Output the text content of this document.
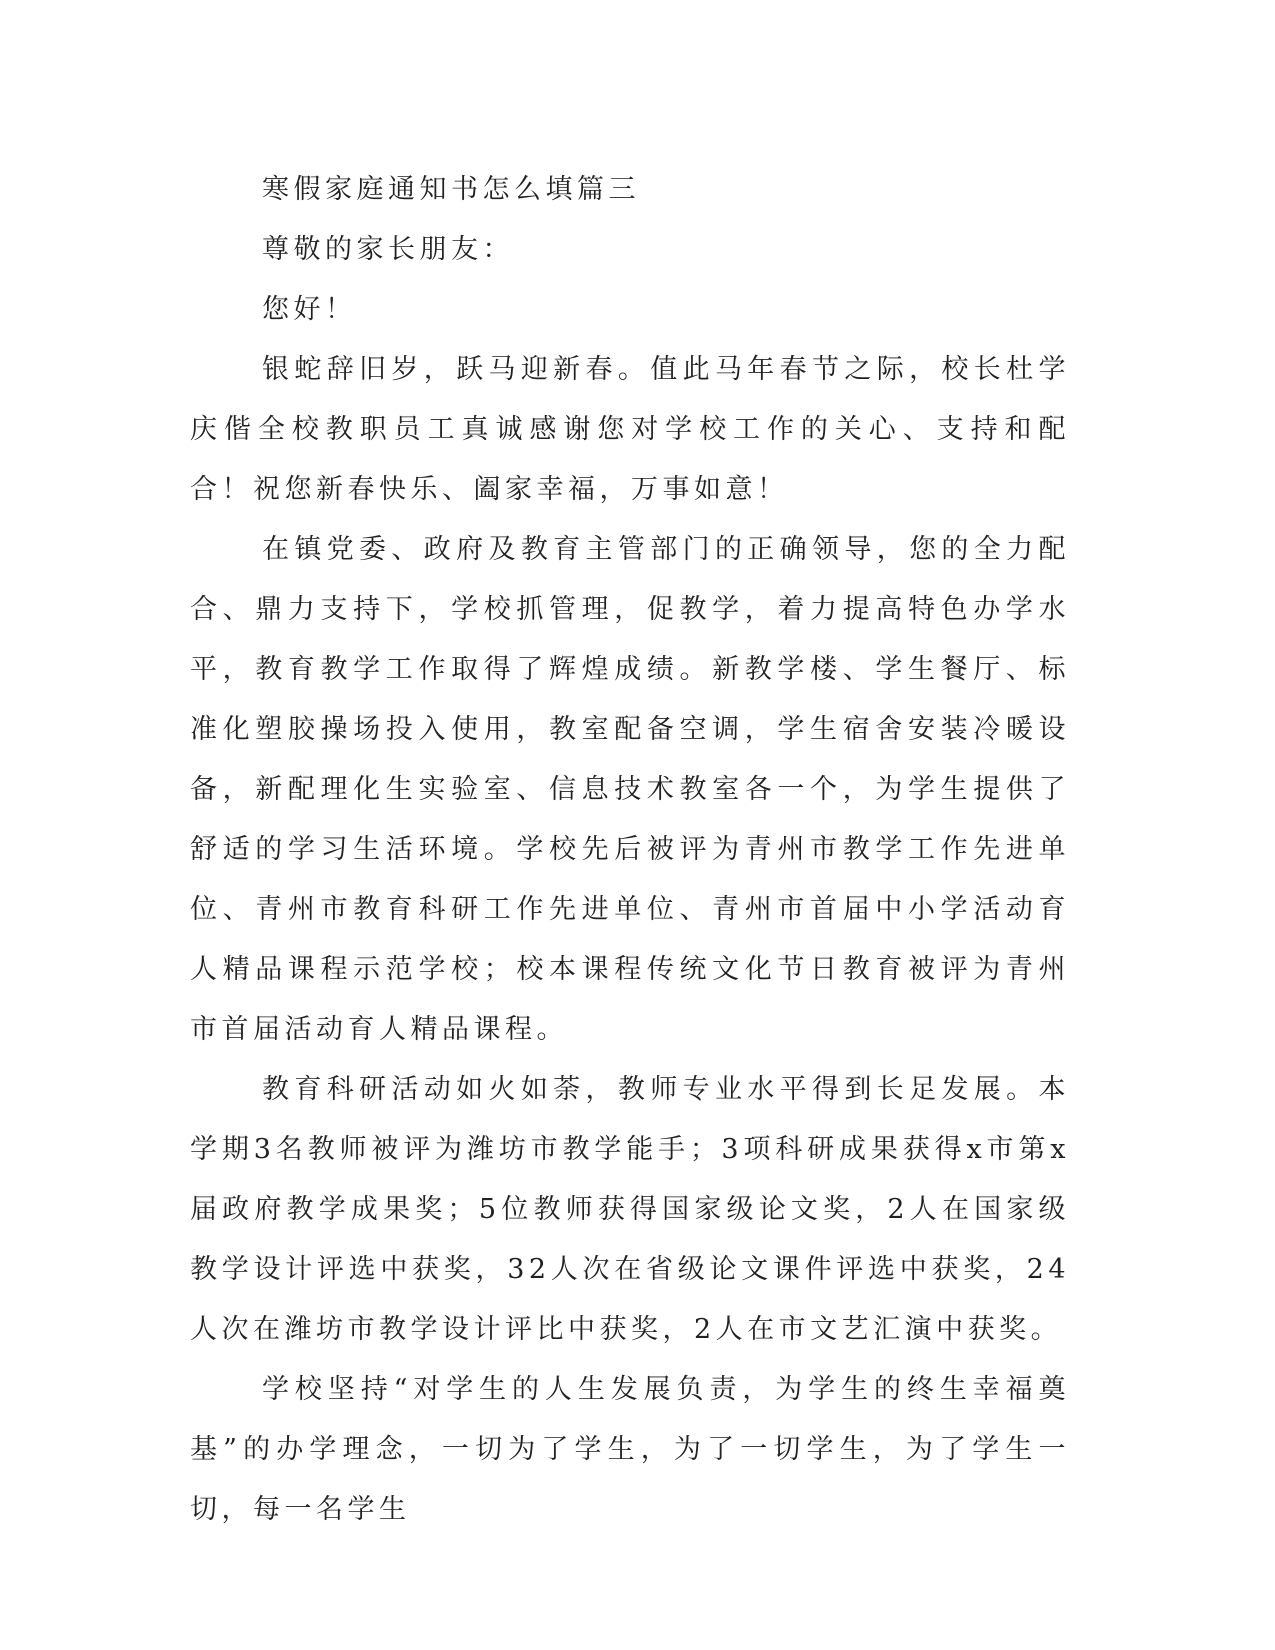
寒假家庭通知书怎么填篇三

尊敬的家长朋友：

您好！

银蛇辞旧岁，跃马迎新春。值此马年春节之际，校长杜学庆偕全校教职员工真诚感谢您对学校工作的关心、支持和配合！祝您新春快乐、阖家幸福，万事如意！

在镇党委、政府及教育主管部门的正确领导，您的全力配合、鼎力支持下，学校抓管理，促教学，着力提高特色办学水平，教育教学工作取得了辉煌成绩。新教学楼、学生餐厅、标准化塑胶操场投入使用，教室配备空调，学生宿舍安装冷暖设备，新配理化生实验室、信息技术教室各一个，为学生提供了舒适的学习生活环境。学校先后被评为青州市教学工作先进单位、青州市教育科研工作先进单位、青州市首届中小学活动育人精品课程示范学校；校本课程传统文化节日教育被评为青州市首届活动育人精品课程。

教育科研活动如火如荼，教师专业水平得到长足发展。本学期3名教师被评为潍坊市教学能手；3项科研成果获得x市第x届政府教学成果奖；5位教师获得国家级论文奖，2人在国家级教学设计评选中获奖，32人次在省级论文课件评选中获奖，24人次在潍坊市教学设计评比中获奖，2人在市文艺汇演中获奖。

学校坚持“对学生的人生发展负责，为学生的终生幸福奠基”的办学理念，一切为了学生，为了一切学生，为了学生一切，每一名学生
